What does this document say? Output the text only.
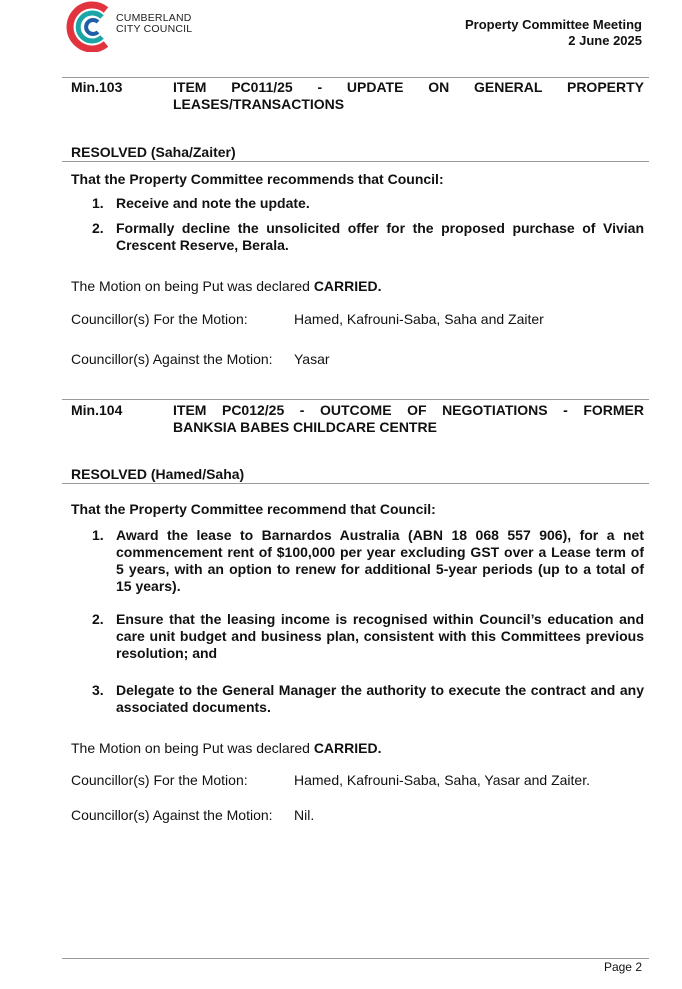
CUMBERLAND
CITY COUNCIL	Property Committee Meeting
2 June 2025
Min.103	ITEM PC011/25 - UPDATE ON GENERAL PROPERTY
LEASES/TRANSACTIONS
RESOLVED (Saha/Zaiter)
That the Property Committee recommends that Council:
1. Receive and note the update.
2. Formally decline the unsolicited offer for the proposed purchase of Vivian Crescent Reserve, Berala.
The Motion on being Put was declared CARRIED.
Councillor(s) For the Motion:	Hamed, Kafrouni-Saba, Saha and Zaiter
Councillor(s) Against the Motion: Yasar
Min.104	ITEM PC012/25 - OUTCOME OF NEGOTIATIONS - FORMER
BANKSIA BABES CHILDCARE CENTRE
RESOLVED (Hamed/Saha)
That the Property Committee recommend that Council:
1. Award the lease to Barnardos Australia (ABN 18 068 557 906), for a net commencement rent of $100,000 per year excluding GST over a Lease term of 5 years, with an option to renew for additional 5-year periods (up to a total of 15 years).
2. Ensure that the leasing income is recognised within Council’s education and care unit budget and business plan, consistent with this Committees previous resolution; and
3. Delegate to the General Manager the authority to execute the contract and any associated documents.
The Motion on being Put was declared CARRIED.
Councillor(s) For the Motion:	Hamed, Kafrouni-Saba, Saha, Yasar and Zaiter.
Councillor(s) Against the Motion: Nil.
Page 2
